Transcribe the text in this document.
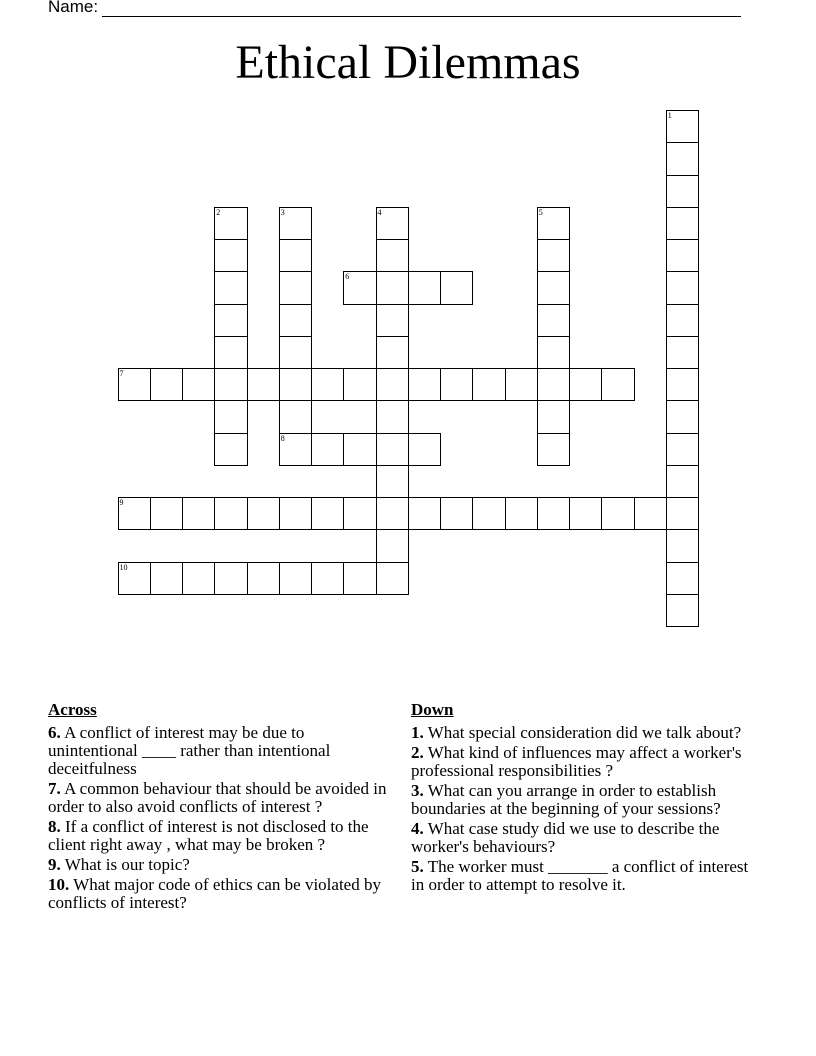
Name:
Ethical Dilemmas
1
2	3
8
4	5
6
7
9
10
Across
6. A conflict of interest may be due to unintentional ____ rather than intentional deceitfulness
7. A common behaviour that should be avoided in order to also avoid conflicts of interest ?
8. If a conflict of interest is not disclosed to the client right away , what may be broken ?
9. What is our topic?
10. What major code of ethics can be violated by conflicts of interest?
Down
1. What special consideration did we talk about?
2. What kind of influences may affect a worker's professional responsibilities ?
3. What can you arrange in order to establish boundaries at the beginning of your sessions?
4. What case study did we use to describe the worker's behaviours?
5. The worker must _______ a conflict of interest in order to attempt to resolve it.
